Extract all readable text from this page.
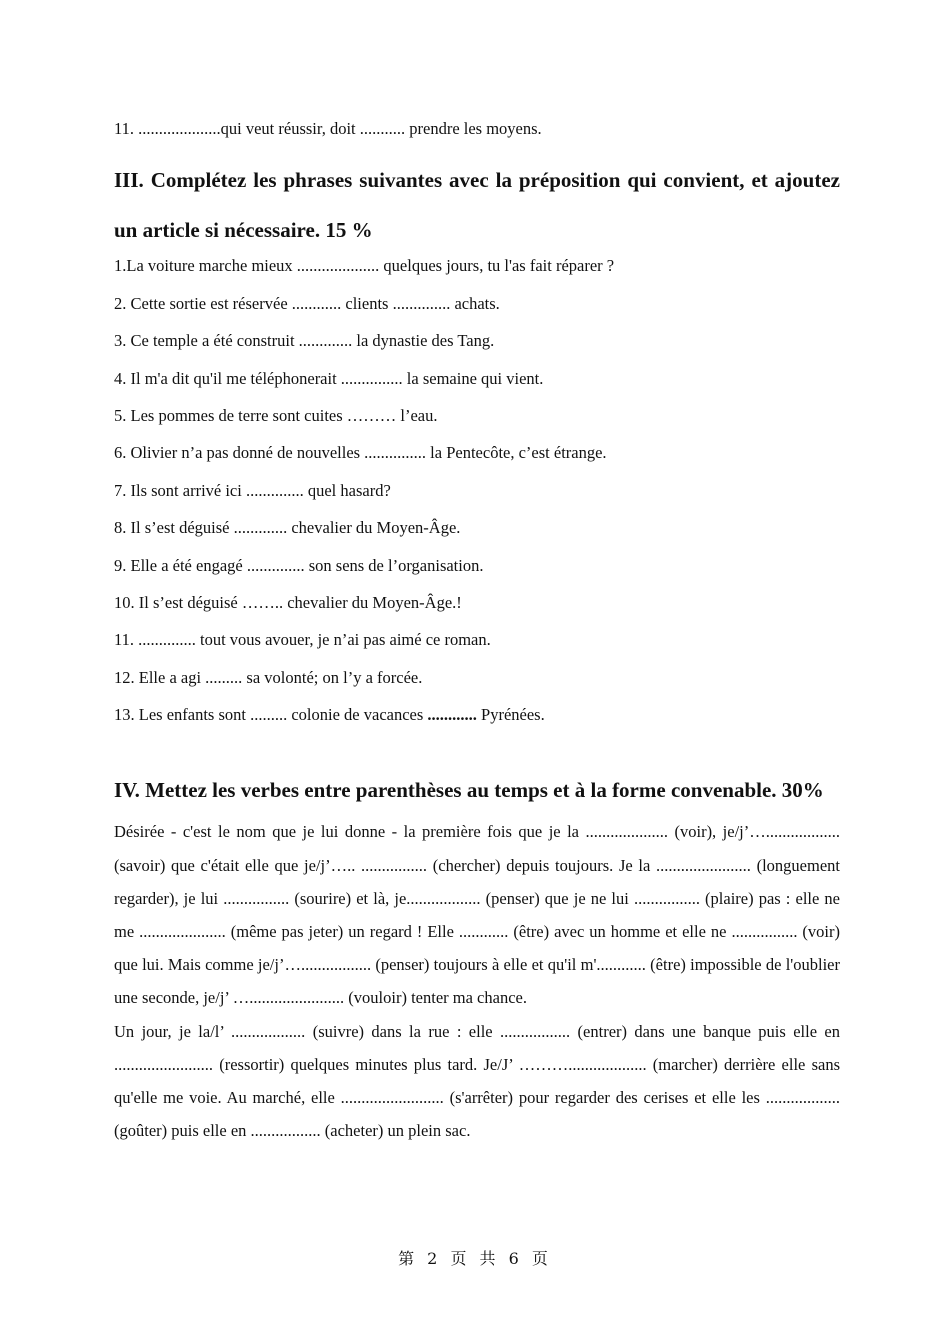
11. ....................qui veut réussir, doit ........... prendre les moyens.
III. Complétez les phrases suivantes avec la préposition qui convient, et ajoutez un article si nécessaire. 15 %
1.La voiture marche mieux .................... quelques jours, tu l'as fait réparer ?
2. Cette sortie est réservée ............ clients .............. achats.
3. Ce temple a été construit ............. la dynastie des Tang.
4. Il m'a dit qu'il me téléphonerait ............... la semaine qui vient.
5. Les pommes de terre sont cuites ……… l’eau.
6. Olivier n’a pas donné de nouvelles ............... la Pentecôte, c’est étrange.
7. Ils sont arrivé ici .............. quel hasard?
8. Il s’est déguisé ............. chevalier du Moyen-Âge.
9. Elle a été engagé .............. son sens de l’organisation.
10. Il s’est déguisé …….. chevalier du Moyen-Âge.!
11. .............. tout vous avouer, je n’ai pas aimé ce roman.
12. Elle a agi ......... sa volonté; on l’y a forcée.
13. Les enfants sont ......... colonie de vacances ............ Pyrénées.
IV. Mettez les verbes entre parenthèses au temps et à la forme convenable. 30%

Désirée - c'est le nom que je lui donne - la première fois que je la .................... (voir), je/j’….................. (savoir) que c'était elle que je/j’….. ................ (chercher) depuis toujours. Je la ....................... (longuement regarder), je lui ................ (sourire) et là, je.................. (penser) que je ne lui ................ (plaire) pas : elle ne me ..................... (même pas jeter) un regard ! Elle ............ (être) avec un homme et elle ne ................ (voir) que lui. Mais comme je/j’…................. (penser) toujours à elle et qu'il m'............ (être) impossible de l'oublier une seconde, je/j’ …....................... (vouloir) tenter ma chance.

Un jour, je la/l’ .................. (suivre) dans la rue : elle ................. (entrer) dans une banque puis elle en ........................ (ressortir) quelques minutes plus tard. Je/J’ ………................... (marcher) derrière elle sans qu'elle me voie. Au marché, elle ......................... (s'arrêter) pour regarder des cerises et elle les .................. (goûter) puis elle en ................. (acheter) un plein sac.

第 2 页 共 6 页
